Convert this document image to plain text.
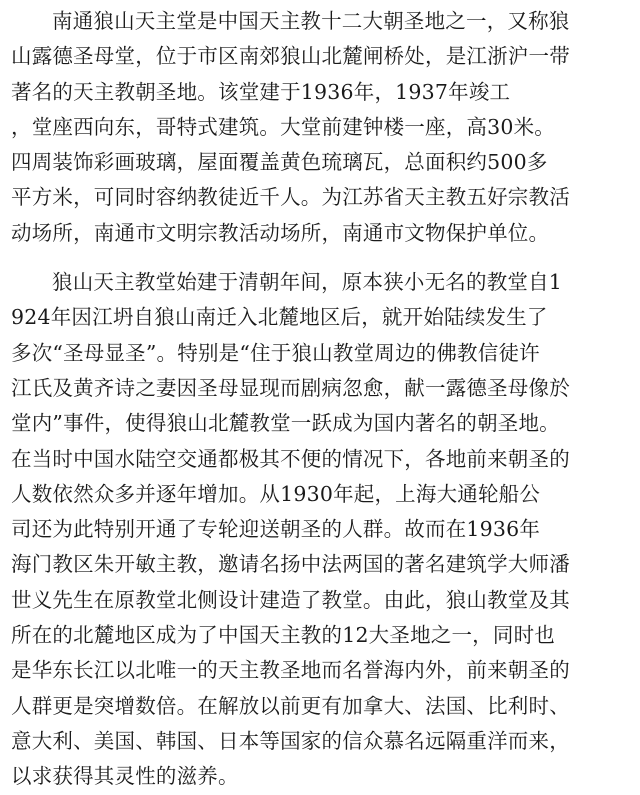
南通狼山天主堂是中国天主教十二大朝圣地之一，又称狼
山露德圣母堂，位于市区南郊狼山北麓闸桥处，是江浙沪一带
著名的天主教朝圣地。该堂建于1936年，1937年竣工
，堂座西向东，哥特式建筑。大堂前建钟楼一座，高30米。
四周装饰彩画玻璃，屋面覆盖黄色琉璃瓦，总面积约500多
平方米，可同时容纳教徒近千人。为江苏省天主教五好宗教活
动场所，南通市文明宗教活动场所，南通市文物保护单位。
狼山天主教堂始建于清朝年间，原本狭小无名的教堂自1
924年因江坍自狼山南迁入北麓地区后，就开始陆续发生了
多次“圣母显圣”。特别是“住于狼山教堂周边的佛教信徒许
江氏及黄齐诗之妻因圣母显现而剧病忽愈，献一露德圣母像於
堂内”事件，使得狼山北麓教堂一跃成为国内著名的朝圣地。
在当时中国水陆空交通都极其不便的情况下，各地前来朝圣的
人数依然众多并逐年增加。从1930年起，上海大通轮船公
司还为此特别开通了专轮迎送朝圣的人群。故而在1936年
海门教区朱开敏主教，邀请名扬中法两国的著名建筑学大师潘
世义先生在原教堂北侧设计建造了教堂。由此，狼山教堂及其
所在的北麓地区成为了中国天主教的12大圣地之一，同时也
是华东长江以北唯一的天主教圣地而名誉海内外，前来朝圣的
人群更是突增数倍。在解放以前更有加拿大、法国、比利时、
意大利、美国、韩国、日本等国家的信众慕名远隔重洋而来，
以求获得其灵性的滋养。
